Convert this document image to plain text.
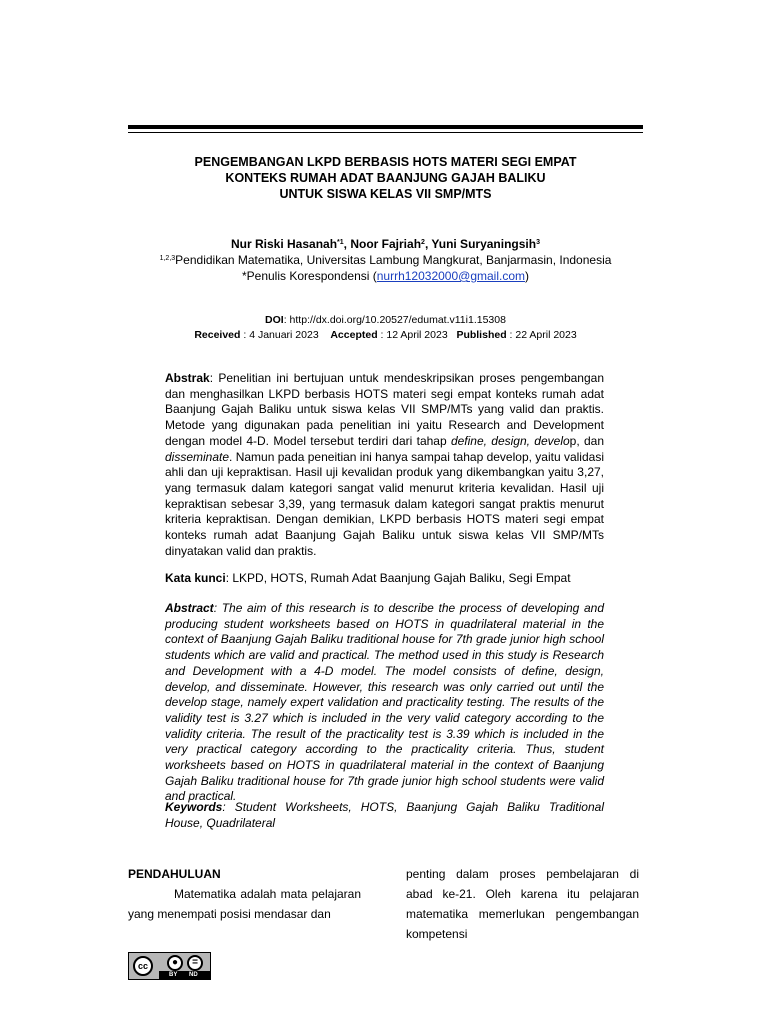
PENGEMBANGAN LKPD BERBASIS HOTS MATERI SEGI EMPAT
KONTEKS RUMAH ADAT BAANJUNG GAJAH BALIKU
UNTUK SISWA KELAS VII SMP/MTS
Nur Riski Hasanah$^{*1}$, Noor Fajriah$^2$, Yuni Suryaningsih$^3$
$^{1,2,3}$Pendidikan Matematika, Universitas Lambung Mangkurat, Banjarmasin, Indonesia
*Penulis Korespondensi (nurrh12032000@gmail.com)
DOI: http://dx.doi.org/10.20527/edumat.v11i1.15308
Received : 4 Januari 2023 Accepted : 12 April 2023 Published : 22 April 2023
Abstrak: Penelitian ini bertujuan untuk mendeskripsikan proses pengembangan dan menghasilkan LKPD berbasis HOTS materi segi empat konteks rumah adat Baanjung Gajah Baliku untuk siswa kelas VII SMP/MTs yang valid dan praktis. Metode yang digunakan pada penelitian ini yaitu Research and Development dengan model 4-D. Model tersebut terdiri dari tahap define, design, develop, dan disseminate. Namun pada peneitian ini hanya sampai tahap develop, yaitu validasi ahli dan uji kepraktisan. Hasil uji kevalidan produk yang dikembangkan yaitu 3,27, yang termasuk dalam kategori sangat valid menurut kriteria kevalidan. Hasil uji kepraktisan sebesar 3,39, yang termasuk dalam kategori sangat praktis menurut kriteria kepraktisan. Dengan demikian, LKPD berbasis HOTS materi segi empat konteks rumah adat Baanjung Gajah Baliku untuk siswa kelas VII SMP/MTs dinyatakan valid dan praktis.
Kata kunci: LKPD, HOTS, Rumah Adat Baanjung Gajah Baliku, Segi Empat
Abstract: The aim of this research is to describe the process of developing and producing student worksheets based on HOTS in quadrilateral material in the context of Baanjung Gajah Baliku traditional house for 7th grade junior high school students which are valid and practical. The method used in this study is Research and Development with a 4-D model. The model consists of define, design, develop, and disseminate. However, this research was only carried out until the develop stage, namely expert validation and practicality testing. The results of the validity test is 3.27 which is included in the very valid category according to the validity criteria. The result of the practicality test is 3.39 which is included in the very practical category according to the practicality criteria. Thus, student worksheets based on HOTS in quadrilateral material in the context of Baanjung Gajah Baliku traditional house for 7th grade junior high school students were valid and practical.
Keywords: Student Worksheets, HOTS, Baanjung Gajah Baliku Traditional House, Quadrilateral
PENDAHULUAN
Matematika adalah mata pelajaran yang menempati posisi mendasar dan
penting dalam proses pembelajaran di abad ke-21. Oleh karena itu pelajaran matematika memerlukan pengembangan kompetensi
cc	●	=
BY ND
